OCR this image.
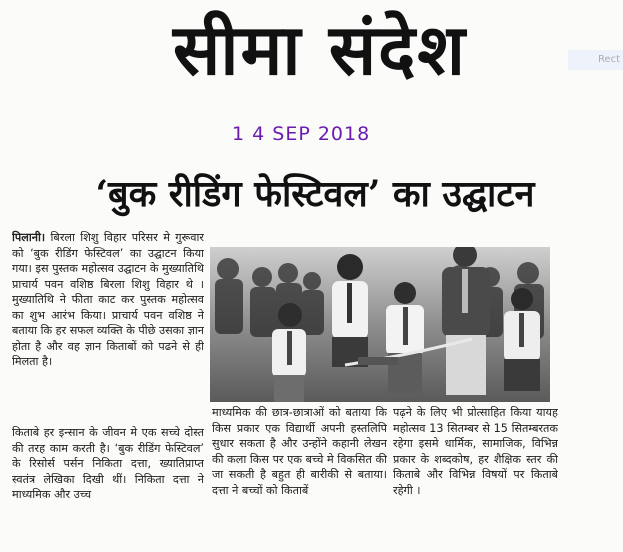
सीमा संदेश	Rect
1 4 SEP 2018
‘बुक रीडिंग फेस्टिवल’ का उद्घाटन

पिलानी। बिरला शिशु विहार परिसर मे गुरूवार को ‘बुक रीडिंग फेस्टिवल’ का उद्घाटन किया गया। इस पुस्तक महोत्सव उद्घाटन के मुख्यातिथि प्राचार्य पवन वशिष्ठ बिरला शिशु विहार थे । मुख्यातिथि ने फीता काट कर पुस्तक महोत्सव का शुभ आरंभ किया। प्राचार्य पवन वशिष्ठ ने बताया कि हर सफल व्यक्ति के पीछे उसका ज्ञान होता है और वह ज्ञान किताबों को पढने से ही मिलता है।

किताबे हर इन्सान के जीवन मे एक सच्चे दोस्त की तरह काम करती है। ‘बुक रीडिंग फेस्टिवल’ के रिसोर्स पर्सन निकिता दत्ता, ख्यातिप्राप्त स्वतंत्र लेखिका दिखी थीं। निकिता दत्ता ने माध्यमिक और उच्च

माध्यमिक की छात्र-छात्राओं को बताया कि किस प्रकार एक विद्यार्थी अपनी हस्तलिपि सुधार सकता है और उन्होंने कहानी लेखन की कला किस पर एक बच्चे मे विकसित की जा सकती है बहुत ही बारीकी से बताया। दत्ता ने बच्चों को किताबें

पढ़ने के लिए भी प्रोत्साहित किया यायह महोत्सव 13 सितम्बर से 15 सितम्बरतक रहेगा इसमे धार्मिक, सामाजिक, विभिन्न प्रकार के शब्दकोष, हर शैक्षिक स्तर की किताबे और विभिन्न विषयों पर किताबे रहेगी ।
